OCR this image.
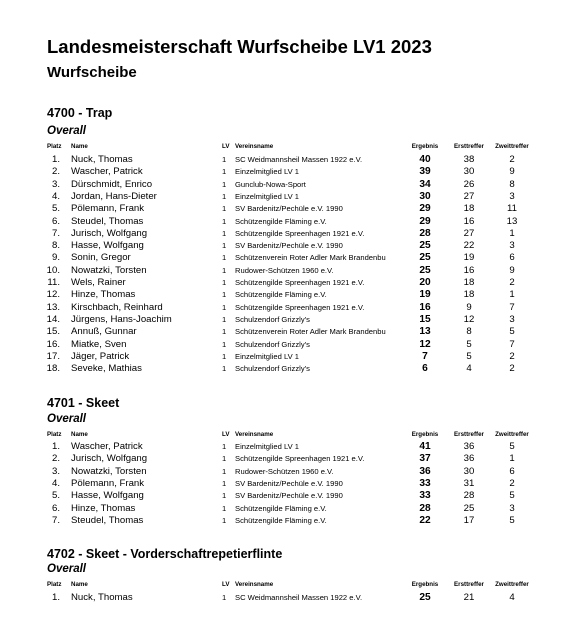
Landesmeisterschaft Wurfscheibe LV1 2023
Wurfscheibe
4700 - Trap
Overall
Platz Name	LV Vereinsname	Ergebnis	Ersttreffer Zweittreffer
1. Nuck, Thomas	1 SC Weidmannsheil Massen 1922 e.V.	40	38	2
2. Wascher, Patrick	1 Einzelmitglied LV 1	39	30	9
3. Dürschmidt, Enrico	1 Gunclub-Nowa-Sport	34	26	8
4. Jordan, Hans-Dieter	1 Einzelmitglied LV 1	30	27	3
5. Pölemann, Frank	1 SV Bardenitz/Pechüle e.V. 1990	29	18	11
6. Steudel, Thomas	1 Schützengilde Fläming e.V.	29	16	13
7. Jurisch, Wolfgang	1 Schützengilde Spreenhagen 1921 e.V.	28	27	1
8. Hasse, Wolfgang	1 SV Bardenitz/Pechüle e.V. 1990	25	22	3
9. Sonin, Gregor	1 Schützenverein Roter Adler Mark Brandenbu	25	19	6
10. Nowatzki, Torsten	1 Rudower-Schützen 1960 e.V.	25	16	9
11. Wels, Rainer	1 Schützengilde Spreenhagen 1921 e.V.	20	18	2
12. Hinze, Thomas	1 Schützengilde Fläming e.V.	19	18	1
13. Kirschbach, Reinhard	1 Schützengilde Spreenhagen 1921 e.V.	16	9	7
14. Jürgens, Hans-Joachim	1 Schulzendorf Grizzly's	15	12	3
15. Annuß, Gunnar	1 Schützenverein Roter Adler Mark Brandenbu	13	8	5
16. Miatke, Sven	1 Schulzendorf Grizzly's	12	5	7
17. Jäger, Patrick	1 Einzelmitglied LV 1	7	5	2
18. Seveke, Mathias	1 Schulzendorf Grizzly's	6	4	2
4701 - Skeet
Overall
Platz Name	LV Vereinsname	Ergebnis	Ersttreffer Zweittreffer
1. Wascher, Patrick	1 Einzelmitglied LV 1	41	36	5
2. Jurisch, Wolfgang	1 Schützengilde Spreenhagen 1921 e.V.	37	36	1
3. Nowatzki, Torsten	1 Rudower-Schützen 1960 e.V.	36	30	6
4. Pölemann, Frank	1 SV Bardenitz/Pechüle e.V. 1990	33	31	2
5. Hasse, Wolfgang	1 SV Bardenitz/Pechüle e.V. 1990	33	28	5
6. Hinze, Thomas	1 Schützengilde Fläming e.V.	28	25	3
7. Steudel, Thomas	1 Schützengilde Fläming e.V.	22	17	5
4702 - Skeet - Vorderschaftrepetierflinte
Overall
Platz Name	LV Vereinsname	Ergebnis	Ersttreffer Zweittreffer
1. Nuck, Thomas	1 SC Weidmannsheil Massen 1922 e.V.	25	21	4
